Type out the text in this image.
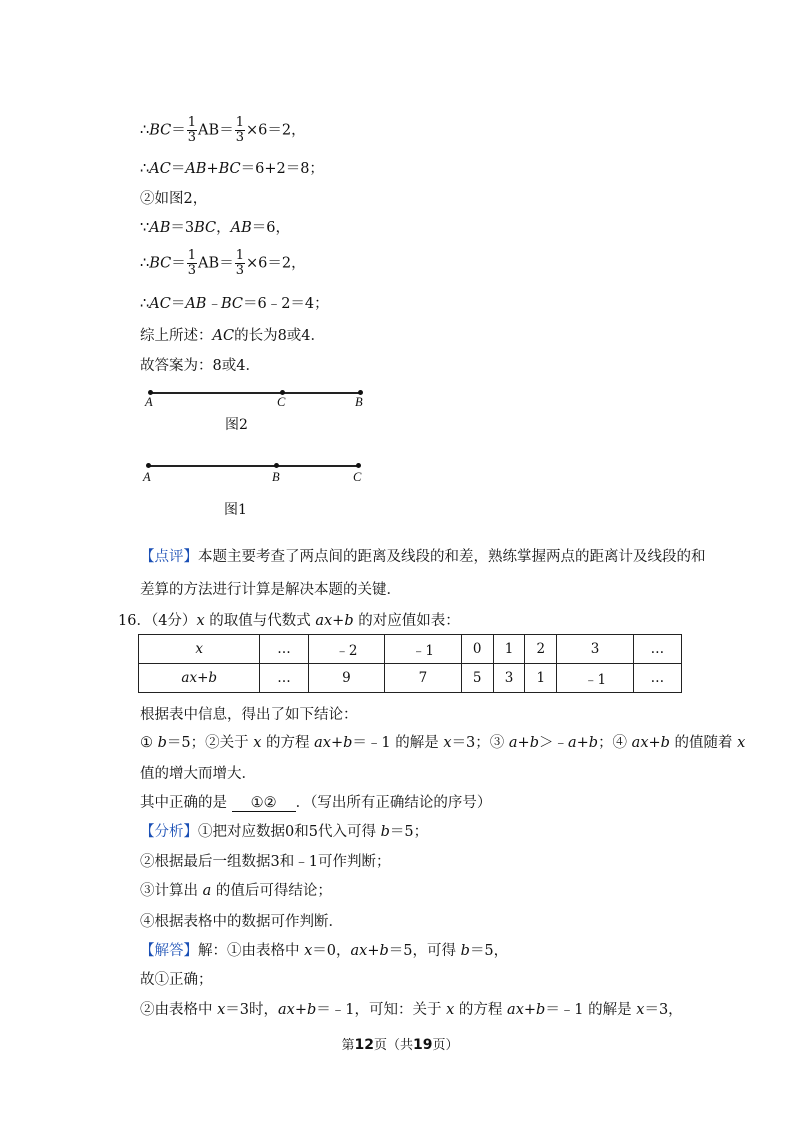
∴BC＝ $\frac{1}{3} AB= \frac{1}{3} \times 6=2$，
∴AC＝AB+BC＝6+2＝8；
②如图2，
∵AB＝3BC，AB＝6，
∴BC＝ $\frac{1}{3} AB= \frac{1}{3} \times 6=2$，
∴AC＝AB﹣BC＝6﹣2＝4；
综上所述：AC的长为8或4．
故答案为：8或4．
A	C	B
图2
A	B	C
图1
【点评】本题主要考查了两点间的距离及线段的和差，熟练掌握两点的距离计及线段的和
差算的方法进行计算是解决本题的关键．
16．（4分）x 的取值与代数式 ax+b 的对应值如表：
x	…	﹣2	﹣1	0	1	2	3	…
ax+b	…	9	7	5	3	1	﹣1	…
根据表中信息，得出了如下结论：
① b＝5；②关于 x 的方程 ax+b＝﹣1 的解是 x＝3；③ a+b＞﹣a+b；④ ax+b 的值随着 x
值的增大而增大．
其中正确的是 ①② ．（写出所有正确结论的序号）
【分析】①把对应数据0和5代入可得 b＝5；
②根据最后一组数据3和﹣1可作判断；
③计算出 a 的值后可得结论；
④根据表格中的数据可作判断．
【解答】解：①由表格中 x＝0，ax+b＝5，可得 b＝5，
故①正确；
②由表格中 x＝3时，ax+b＝﹣1，可知：关于 x 的方程 ax+b＝﹣1 的解是 x＝3，
第12页（共19页）
